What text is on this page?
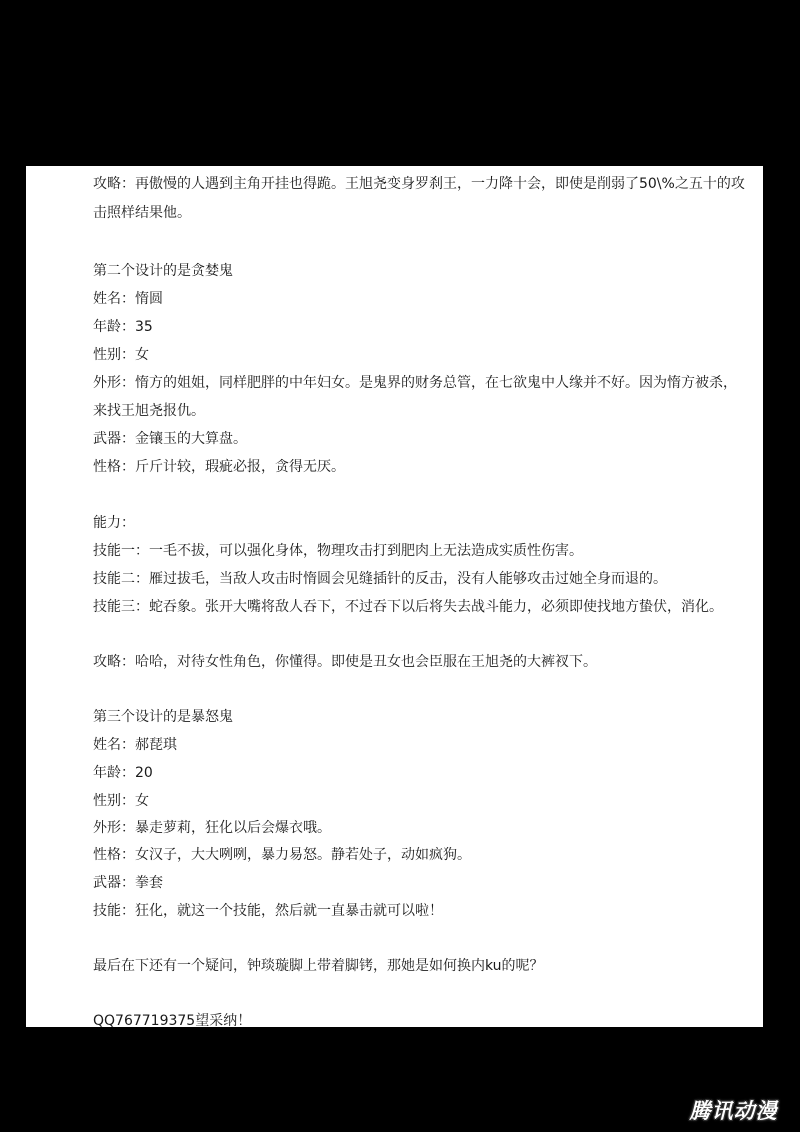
攻略：再傲慢的人遇到主角开挂也得跪。王旭尧变身罗刹王，一力降十会，即使是削弱了50\%之五十的攻
击照样结果他。
第二个设计的是贪婪鬼
姓名：惰圆
年龄：35
性别：女
外形：惰方的姐姐，同样肥胖的中年妇女。是鬼界的财务总管，在七欲鬼中人缘并不好。因为惰方被杀，
来找王旭尧报仇。
武器：金镶玉的大算盘。
性格：斤斤计较，瑕疵必报，贪得无厌。
能力：
技能一：一毛不拔，可以强化身体，物理攻击打到肥肉上无法造成实质性伤害。
技能二：雁过拔毛，当敌人攻击时惰圆会见缝插针的反击，没有人能够攻击过她全身而退的。
技能三：蛇吞象。张开大嘴将敌人吞下，不过吞下以后将失去战斗能力，必须即使找地方蛰伏，消化。
攻略：哈哈，对待女性角色，你懂得。即使是丑女也会臣服在王旭尧的大裤衩下。
第三个设计的是暴怒鬼
姓名：郝琵琪
年龄：20
性别：女
外形：暴走萝莉，狂化以后会爆衣哦。
性格：女汉子，大大咧咧，暴力易怒。静若处子，动如疯狗。
武器：拳套
技能：狂化，就这一个技能，然后就一直暴击就可以啦！
最后在下还有一个疑问，钟琰璇脚上带着脚铐，那她是如何换内ku的呢？
QQ767719375望采纳！
腾讯动漫
